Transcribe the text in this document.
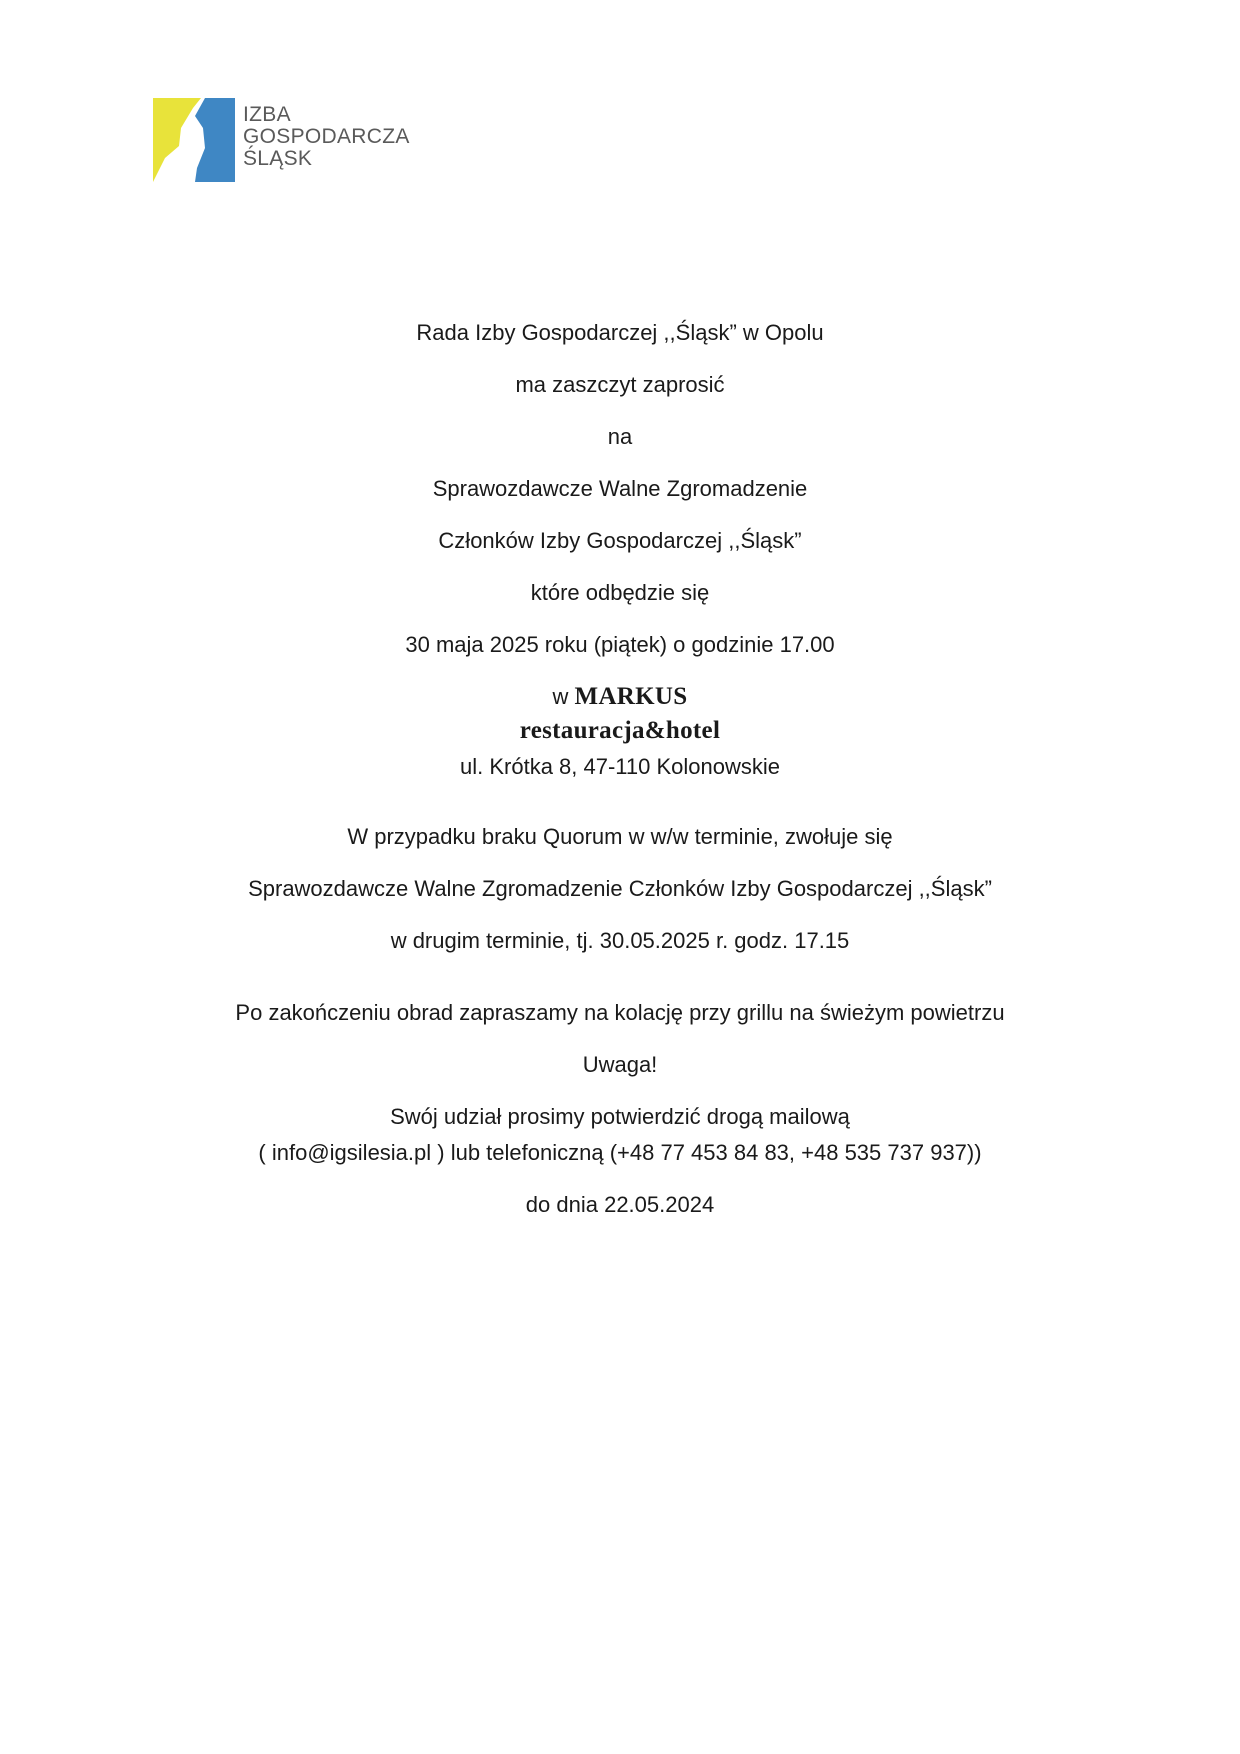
IZBA
GOSPODARCZA
ŚLĄSK
Rada Izby Gospodarczej ,,Śląsk” w Opolu
ma zaszczyt zaprosić
na
Sprawozdawcze Walne Zgromadzenie
Członków Izby Gospodarczej ,,Śląsk”
które odbędzie się
30 maja 2025 roku (piątek) o godzinie 17.00
w MARKUS
restauracja&hotel
ul. Krótka 8, 47-110 Kolonowskie
W przypadku braku Quorum w w/w terminie, zwołuje się
Sprawozdawcze Walne Zgromadzenie Członków Izby Gospodarczej ,,Śląsk”
w drugim terminie, tj. 30.05.2025 r. godz. 17.15
Po zakończeniu obrad zapraszamy na kolację przy grillu na świeżym powietrzu
Uwaga!
Swój udział prosimy potwierdzić drogą mailową
( info@igsilesia.pl ) lub telefoniczną (+48 77 453 84 83, +48 535 737 937))
do dnia 22.05.2024
